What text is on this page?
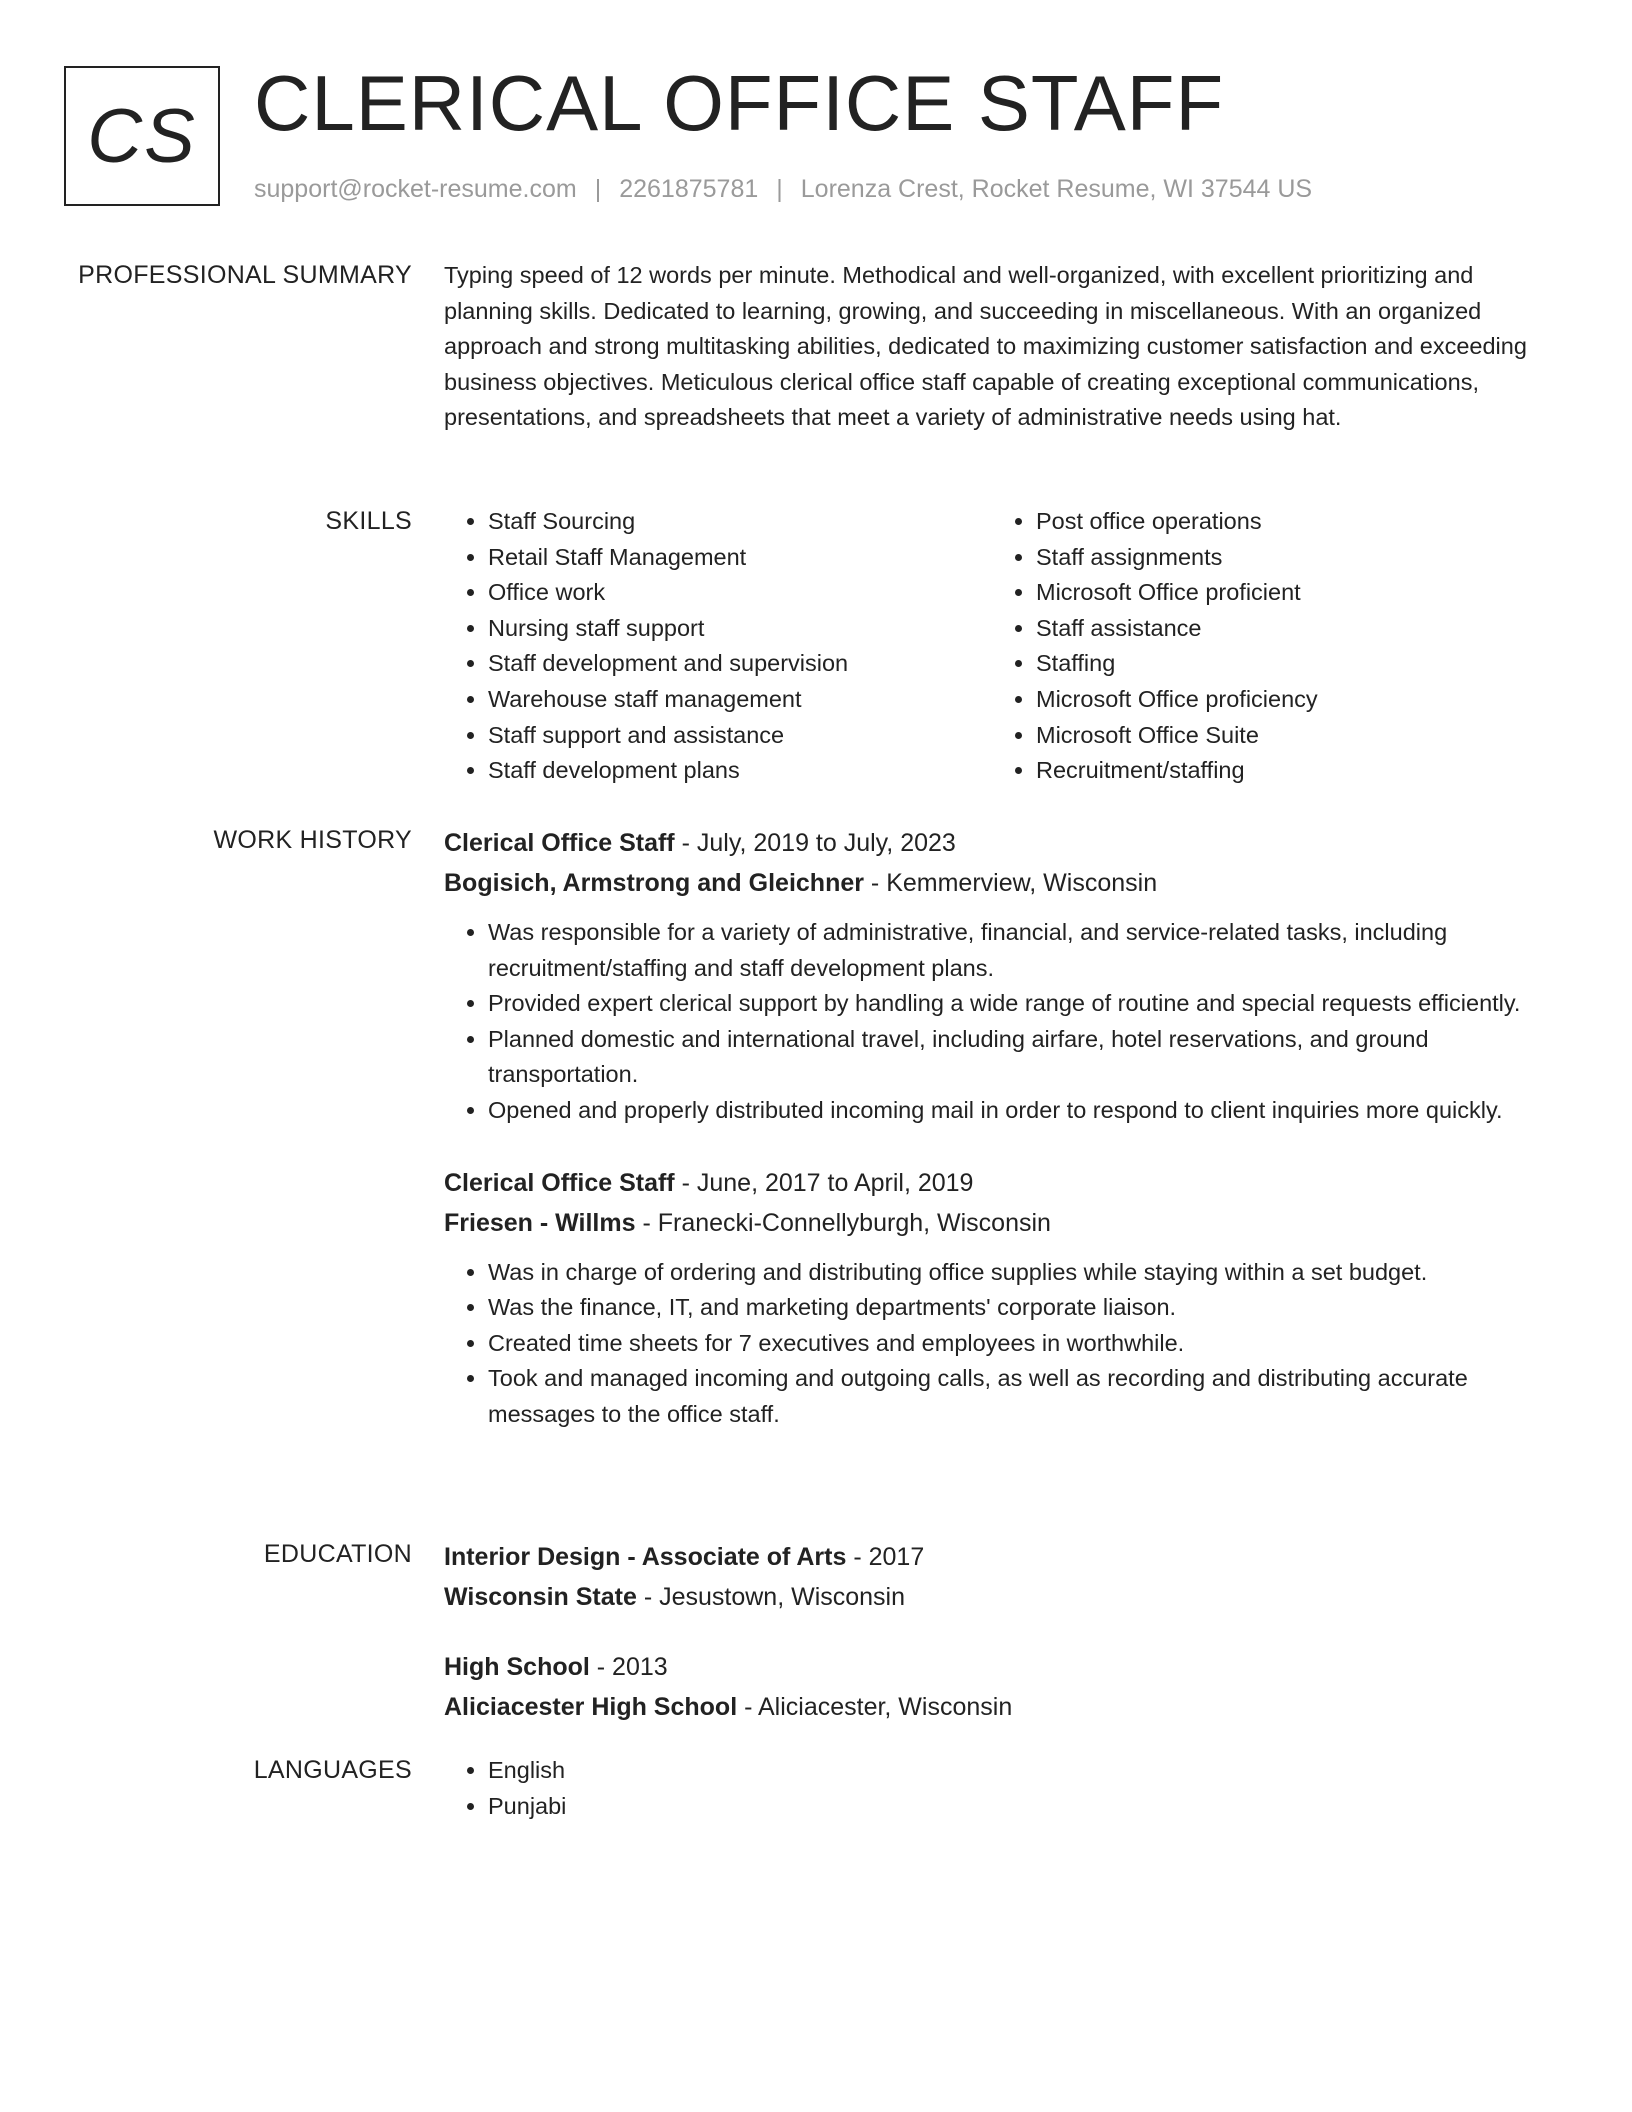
CS CLERICAL OFFICE STAFF
support@rocket-resume.com | 2261875781 | Lorenza Crest, Rocket Resume, WI 37544 US
PROFESSIONAL SUMMARY Typing speed of 12 words per minute. Methodical and well-organized, with excellent prioritizing and planning skills. Dedicated to learning, growing, and succeeding in miscellaneous. With an organized approach and strong multitasking abilities, dedicated to maximizing customer satisfaction and exceeding business objectives. Meticulous clerical office staff capable of creating exceptional communications, presentations, and spreadsheets that meet a variety of administrative needs using hat.

SKILLS	• Staff Sourcing
• Retail Staff Management
• Office work
• Nursing staff support
• Staff development and supervision
• Warehouse staff management
• Staff support and assistance
• Staff development plans
• Post office operations
• Staff assignments
• Microsoft Office proficient
• Staff assistance
• Staffing
• Microsoft Office proficiency
• Microsoft Office Suite
• Recruitment/staffing
WORK HISTORY Clerical Office Staff - July, 2019 to July, 2023
Bogisich, Armstrong and Gleichner - Kemmerview, Wisconsin
• Was responsible for a variety of administrative, financial, and service-related tasks, including recruitment/staffing and staff development plans.
• Provided expert clerical support by handling a wide range of routine and special requests efficiently.
• Planned domestic and international travel, including airfare, hotel reservations, and ground transportation.
• Opened and properly distributed incoming mail in order to respond to client inquiries more quickly.
Clerical Office Staff - June, 2017 to April, 2019
Friesen - Willms - Franecki-Connellyburgh, Wisconsin
• Was in charge of ordering and distributing office supplies while staying within a set budget.
• Was the finance, IT, and marketing departments' corporate liaison.
• Created time sheets for 7 executives and employees in worthwhile.
• Took and managed incoming and outgoing calls, as well as recording and distributing accurate messages to the office staff.
EDUCATION Interior Design - Associate of Arts - 2017
Wisconsin State - Jesustown, Wisconsin
High School - 2013
Aliciacester High School - Aliciacester, Wisconsin
LANGUAGES	• English
• Punjabi
